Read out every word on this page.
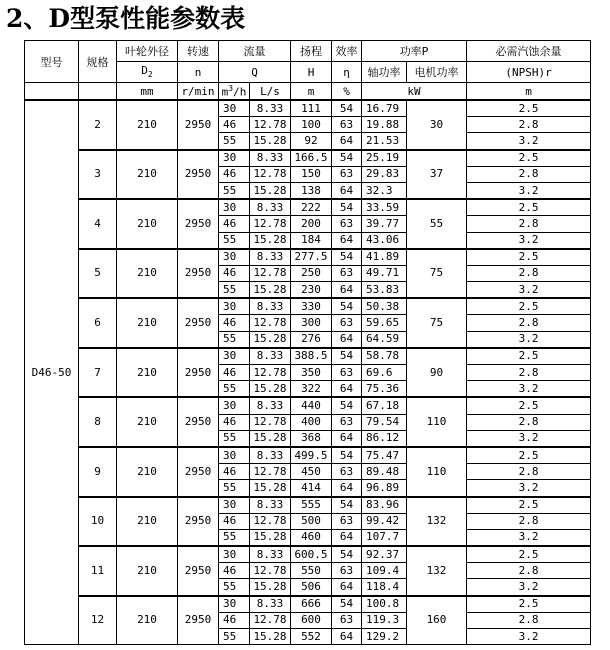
2、D型泵性能参数表
型号	规格	叶轮外径	转速	流量		扬程	效率	功率P		必需汽蚀余量
		$D_2$	n	Q		H	η	轴功率	电机功率	(NPSH)r
		mm	r/min	$m^3/h$	L/s	m	%	kW		m
D46-50	2	210	2950	30	8.33	111	54	16.79	30	2.5
				46	12.78	100	63	19.88		2.8
				55	15.28	92	64	21.53		3.2
	3	210	2950	30	8.33	166.5	54	25.19	37	2.5
				46	12.78	150	63	29.83		2.8
				55	15.28	138	64	32.3		3.2
	4	210	2950	30	8.33	222	54	33.59	55	2.5
				46	12.78	200	63	39.77		2.8
				55	15.28	184	64	43.06		3.2
	5	210	2950	30	8.33	277.5	54	41.89	75	2.5
				46	12.78	250	63	49.71		2.8
				55	15.28	230	64	53.83		3.2
	6	210	2950	30	8.33	330	54	50.38	75	2.5
				46	12.78	300	63	59.65		2.8
				55	15.28	276	64	64.59		3.2
	7	210	2950	30	8.33	388.5	54	58.78	90	2.5
				46	12.78	350	63	69.6		2.8
				55	15.28	322	64	75.36		3.2
	8	210	2950	30	8.33	440	54	67.18	110	2.5
				46	12.78	400	63	79.54		2.8
				55	15.28	368	64	86.12		3.2
	9	210	2950	30	8.33	499.5	54	75.47	110	2.5
				46	12.78	450	63	89.48		2.8
				55	15.28	414	64	96.89		3.2
	10	210	2950	30	8.33	555	54	83.96	132	2.5
				46	12.78	500	63	99.42		2.8
				55	15.28	460	64	107.7		3.2
	11	210	2950	30	8.33	600.5	54	92.37	132	2.5
				46	12.78	550	63	109.4		2.8
				55	15.28	506	64	118.4		3.2
	12	210	2950	30	8.33	666	54	100.8	160	2.5
				46	12.78	600	63	119.3		2.8
				55	15.28	552	64	129.2		3.2
